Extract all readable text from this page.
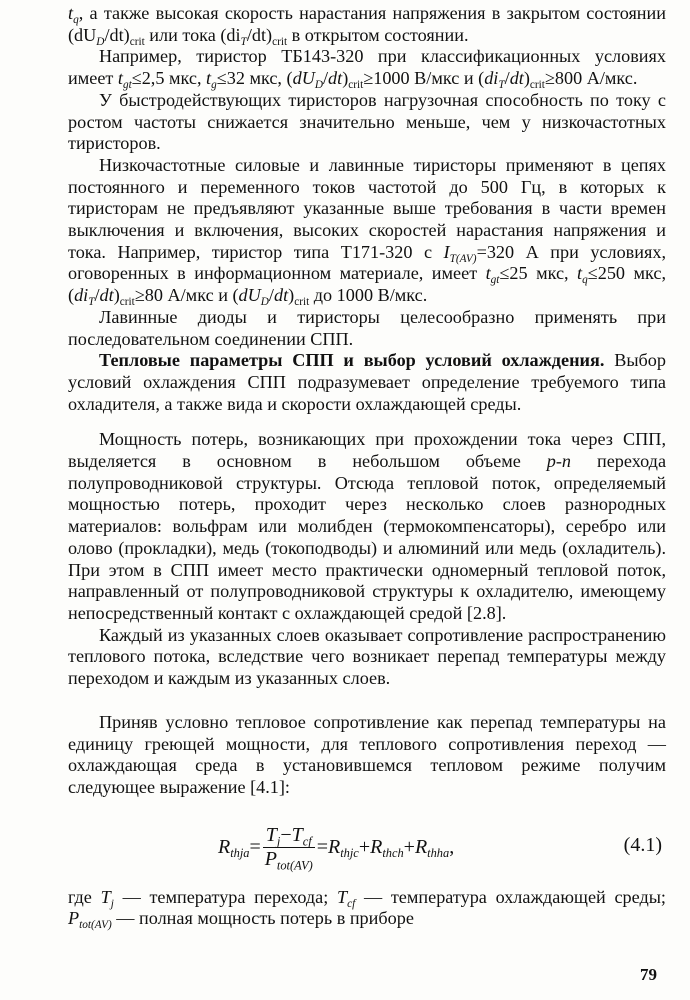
$t_q$, а также высокая скорость нарастания напряжения в закрытом состоянии $(dU_D/dt)_{crit}$ или тока $(di_T/dt)_{crit}$ в открытом состоянии.

Например, тиристор ТБ143-320 при классификационных условиях имеет $t_{gt}\le 2,5$ мкс, $t_g\le 32$ мкс, $(dU_D/dt)_{crit}\ge 1000$ В/мкс и $(di_T/dt)_{crit}\ge 800$ А/мкс.

У быстродействующих тиристоров нагрузочная способность по току с ростом частоты снижается значительно меньше, чем у низкочастотных тиристоров.

Низкочастотные силовые и лавинные тиристоры применяют в цепях постоянного и переменного токов частотой до 500 Гц, в которых к тиристорам не предъявляют указанные выше требования в части времен выключения и включения, высоких скоростей нарастания напряжения и тока. Например, тиристор типа Т171-320 с $I_{T(AV)}=320$ А при условиях, оговоренных в информационном материале, имеет $t_{gt}\le 25$ мкс, $t_q\le 250$ мкс, $(di_T/dt)_{crit}\ge 80$ А/мкс и $(dU_D/dt)_{crit}$ до 1000 В/мкс.

Лавинные диоды и тиристоры целесообразно применять при последовательном соединении СПП.

Тепловые параметры СПП и выбор условий охлаждения. Выбор условий охлаждения СПП подразумевает определение требуемого типа охладителя, а также вида и скорости охлаждающей среды.

Мощность потерь, возникающих при прохождении тока через СПП, выделяется в основном в небольшом объеме p-n перехода полупроводниковой структуры. Отсюда тепловой поток, определяемый мощностью потерь, проходит через несколько слоев разнородных материалов: вольфрам или молибден (термокомпенсаторы), серебро или олово (прокладки), медь (токоподводы) и алюминий или медь (охладитель). При этом в СПП имеет место практически одномерный тепловой поток, направленный от полупроводниковой структуры к охладителю, имеющему непосредственный контакт с охлаждающей средой [2.8].

Каждый из указанных слоев оказывает сопротивление распространению теплового потока, вследствие чего возникает перепад температуры между переходом и каждым из указанных слоев.

Приняв условно тепловое сопротивление как перепад температуры на единицу греющей мощности, для теплового сопротивления переход — охлаждающая среда в установившемся тепловом режиме получим следующее выражение [4.1]:

$R_{thja}= \frac{T_j-T_{cf}}{P_{tot(AV)}} =R_{thjc}+R_{thch}+R_{thha}$,	(4.1)

где $T_j$ — температура перехода; $T_{cf}$ — температура охлаждающей среды; $P_{tot(AV)}$ — полная мощность потерь в приборе

79
